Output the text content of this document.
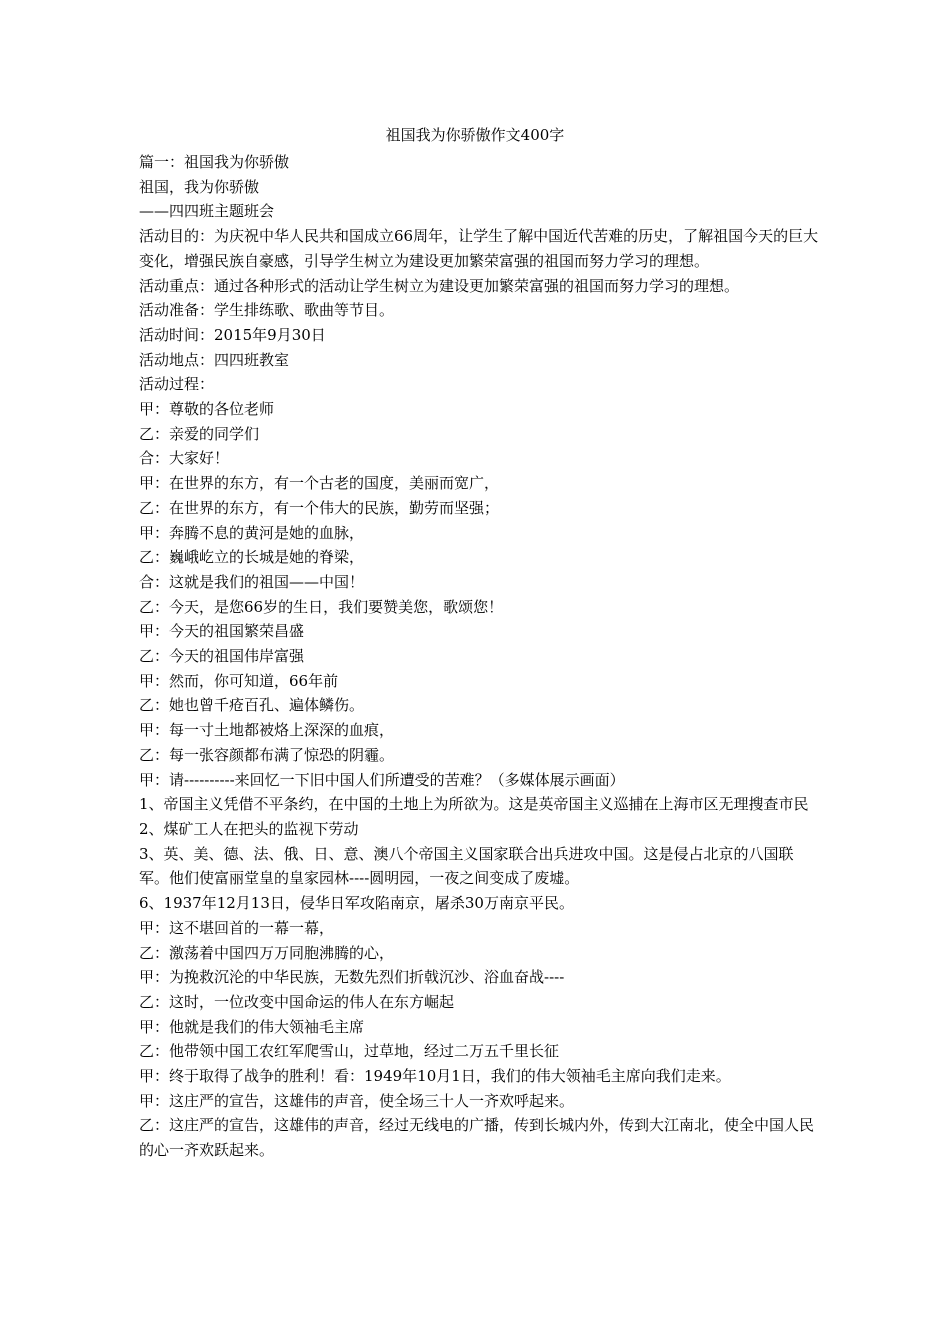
祖国我为你骄傲作文400字

篇一：祖国我为你骄傲

祖国，我为你骄傲

——四四班主题班会

活动目的：为庆祝中华人民共和国成立66周年，让学生了解中国近代苦难的历史，了解祖国今天的巨大变化，增强民族自豪感，引导学生树立为建设更加繁荣富强的祖国而努力学习的理想。

活动重点：通过各种形式的活动让学生树立为建设更加繁荣富强的祖国而努力学习的理想。

活动准备：学生排练歌、歌曲等节目。

活动时间：2015年9月30日

活动地点：四四班教室

活动过程：

甲：尊敬的各位老师

乙：亲爱的同学们

合：大家好！

甲：在世界的东方，有一个古老的国度，美丽而宽广，

乙：在世界的东方，有一个伟大的民族，勤劳而坚强；

甲：奔腾不息的黄河是她的血脉，

乙：巍峨屹立的长城是她的脊梁，

合：这就是我们的祖国——中国！

乙：今天，是您66岁的生日，我们要赞美您，歌颂您！

甲：今天的祖国繁荣昌盛

乙：今天的祖国伟岸富强

甲：然而，你可知道，66年前

乙：她也曾千疮百孔、遍体鳞伤。

甲：每一寸土地都被烙上深深的血痕，

乙：每一张容颜都布满了惊恐的阴霾。

甲：请----------来回忆一下旧中国人们所遭受的苦难？（多媒体展示画面）

1、帝国主义凭借不平条约，在中国的土地上为所欲为。这是英帝国主义巡捕在上海市区无理搜查市民

2、煤矿工人在把头的监视下劳动

3、英、美、德、法、俄、日、意、澳八个帝国主义国家联合出兵进攻中国。这是侵占北京的八国联军。他们使富丽堂皇的皇家园林----圆明园，一夜之间变成了废墟。

6、1937年12月13日，侵华日军攻陷南京，屠杀30万南京平民。

甲：这不堪回首的一幕一幕，

乙：激荡着中国四万万同胞沸腾的心，

甲：为挽救沉沦的中华民族，无数先烈们折戟沉沙、浴血奋战----

乙：这时，一位改变中国命运的伟人在东方崛起

甲：他就是我们的伟大领袖毛主席

乙：他带领中国工农红军爬雪山，过草地，经过二万五千里长征

甲：终于取得了战争的胜利！看：1949年10月1日，我们的伟大领袖毛主席向我们走来。

甲：这庄严的宣告，这雄伟的声音，使全场三十人一齐欢呼起来。

乙：这庄严的宣告，这雄伟的声音，经过无线电的广播，传到长城内外，传到大江南北，使全中国人民的心一齐欢跃起来。
